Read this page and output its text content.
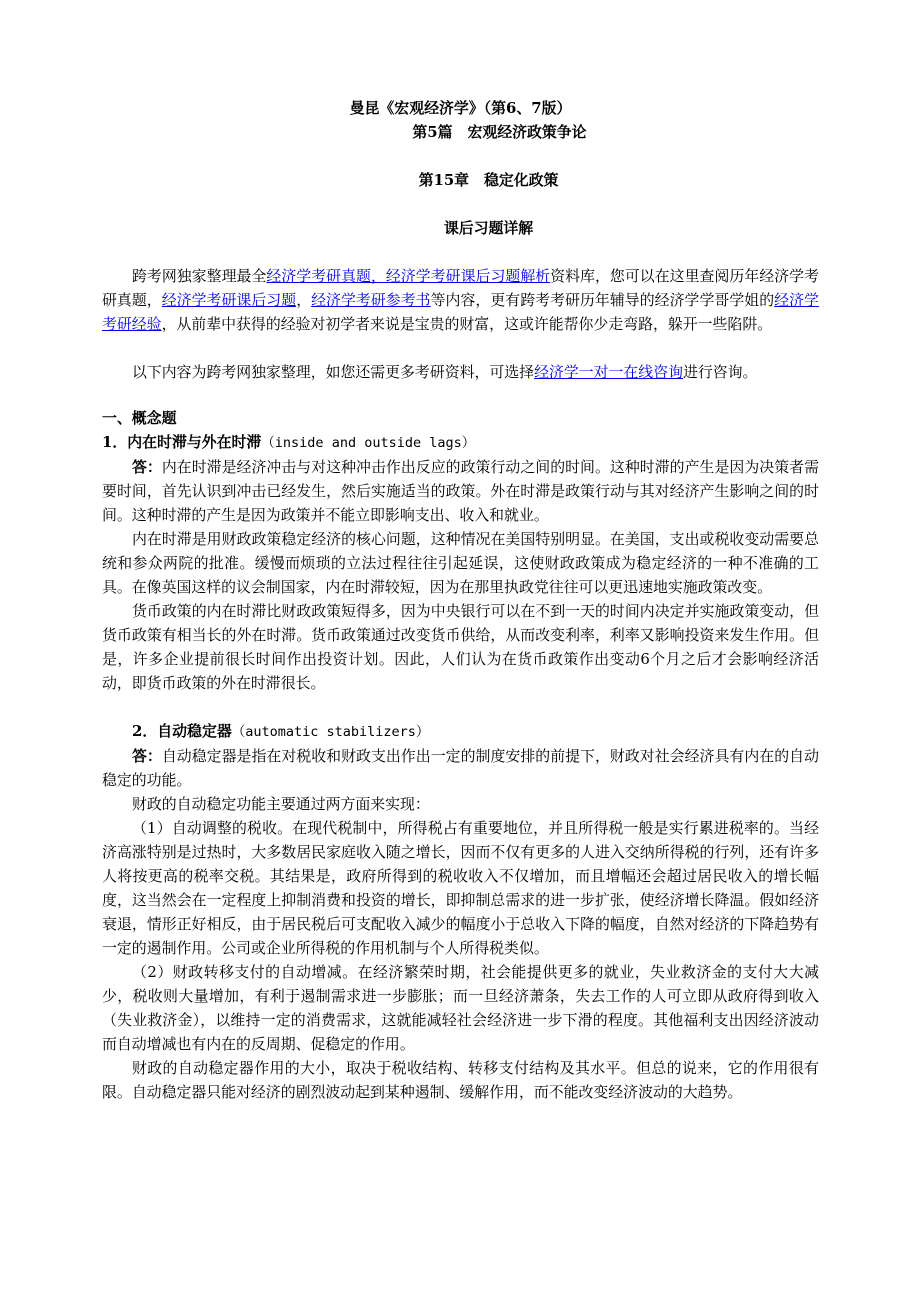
曼昆《宏观经济学》（第6、7版）
第5篇　宏观经济政策争论
第15章　稳定化政策
课后习题详解

跨考网独家整理最全经济学考研真题，经济学考研课后习题解析资料库，您可以在这里查阅历年经济学考研真题，经济学考研课后习题，经济学考研参考书等内容，更有跨考考研历年辅导的经济学学哥学姐的经济学考研经验，从前辈中获得的经验对初学者来说是宝贵的财富，这或许能帮你少走弯路，躲开一些陷阱。

以下内容为跨考网独家整理，如您还需更多考研资料，可选择经济学一对一在线咨询进行咨询。

一、概念题
1．内在时滞与外在时滞（inside and outside lags）

答：内在时滞是经济冲击与对这种冲击作出反应的政策行动之间的时间。这种时滞的产生是因为决策者需要时间，首先认识到冲击已经发生，然后实施适当的政策。外在时滞是政策行动与其对经济产生影响之间的时间。这种时滞的产生是因为政策并不能立即影响支出、收入和就业。

内在时滞是用财政政策稳定经济的核心问题，这种情况在美国特别明显。在美国，支出或税收变动需要总统和参众两院的批准。缓慢而烦琐的立法过程往往引起延误，这使财政政策成为稳定经济的一种不准确的工具。在像英国这样的议会制国家，内在时滞较短，因为在那里执政党往往可以更迅速地实施政策改变。

货币政策的内在时滞比财政政策短得多，因为中央银行可以在不到一天的时间内决定并实施政策变动，但货币政策有相当长的外在时滞。货币政策通过改变货币供给，从而改变利率，利率又影响投资来发生作用。但是，许多企业提前很长时间作出投资计划。因此，人们认为在货币政策作出变动6个月之后才会影响经济活动，即货币政策的外在时滞很长。

2．自动稳定器（automatic stabilizers）

答：自动稳定器是指在对税收和财政支出作出一定的制度安排的前提下，财政对社会经济具有内在的自动稳定的功能。

财政的自动稳定功能主要通过两方面来实现：

（1）自动调整的税收。在现代税制中，所得税占有重要地位，并且所得税一般是实行累进税率的。当经济高涨特别是过热时，大多数居民家庭收入随之增长，因而不仅有更多的人进入交纳所得税的行列，还有许多人将按更高的税率交税。其结果是，政府所得到的税收收入不仅增加，而且增幅还会超过居民收入的增长幅度，这当然会在一定程度上抑制消费和投资的增长，即抑制总需求的进一步扩张，使经济增长降温。假如经济衰退，情形正好相反，由于居民税后可支配收入减少的幅度小于总收入下降的幅度，自然对经济的下降趋势有一定的遏制作用。公司或企业所得税的作用机制与个人所得税类似。

（2）财政转移支付的自动增减。在经济繁荣时期，社会能提供更多的就业，失业救济金的支付大大减少，税收则大量增加，有利于遏制需求进一步膨胀；而一旦经济萧条，失去工作的人可立即从政府得到收入（失业救济金），以维持一定的消费需求，这就能减轻社会经济进一步下滑的程度。其他福利支出因经济波动而自动增减也有内在的反周期、促稳定的作用。

财政的自动稳定器作用的大小，取决于税收结构、转移支付结构及其水平。但总的说来，它的作用很有限。自动稳定器只能对经济的剧烈波动起到某种遏制、缓解作用，而不能改变经济波动的大趋势。
